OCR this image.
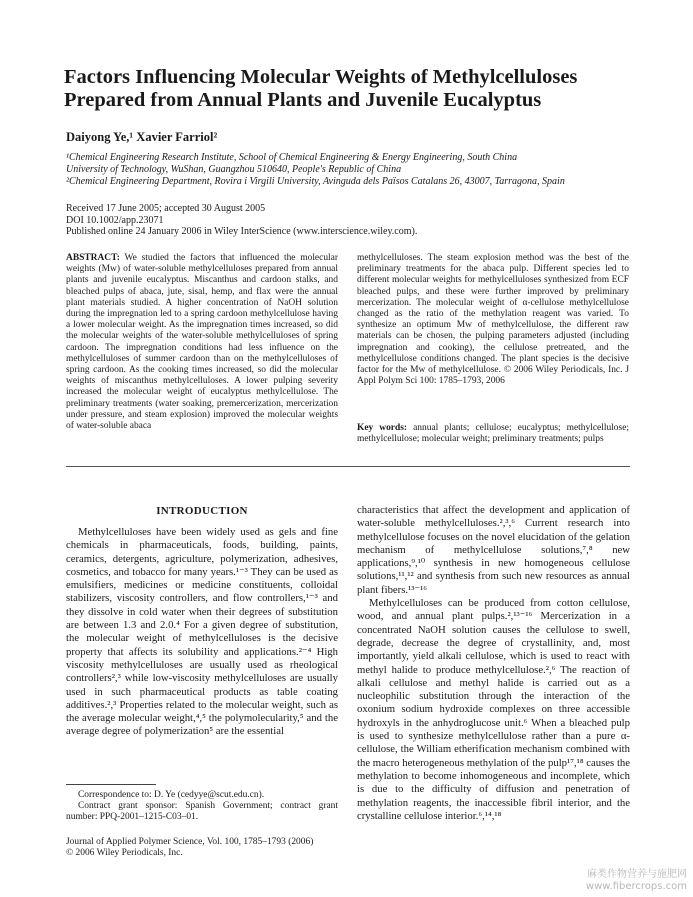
Factors Influencing Molecular Weights of Methylcelluloses Prepared from Annual Plants and Juvenile Eucalyptus
Daiyong Ye,¹ Xavier Farriol²
¹Chemical Engineering Research Institute, School of Chemical Engineering & Energy Engineering, South China
University of Technology, WuShan, Guangzhou 510640, People's Republic of China
²Chemical Engineering Department, Rovira i Virgili University, Avinguda dels Països Catalans 26, 43007, Tarragona, Spain
Received 17 June 2005; accepted 30 August 2005
DOI 10.1002/app.23071
Published online 24 January 2006 in Wiley InterScience (www.interscience.wiley.com).

ABSTRACT: We studied the factors that influenced the molecular weights (Mw) of water-soluble methylcelluloses prepared from annual plants and juvenile eucalyptus. Miscanthus and cardoon stalks, and bleached pulps of abaca, jute, sisal, hemp, and flax were the annual plant materials studied. A higher concentration of NaOH solution during the impregnation led to a spring cardoon methylcellulose having a lower molecular weight. As the impregnation times increased, so did the molecular weights of the water-soluble methylcelluloses of spring cardoon. The impregnation conditions had less influence on the methylcelluloses of summer cardoon than on the methylcelluloses of spring cardoon. As the cooking times increased, so did the molecular weights of miscanthus methylcelluloses. A lower pulping severity increased the molecular weight of eucalyptus methylcellulose. The preliminary treatments (water soaking, premercerization, mercerization under pressure, and steam explosion) improved the molecular weights of water-soluble abaca

methylcelluloses. The steam explosion method was the best of the preliminary treatments for the abaca pulp. Different species led to different molecular weights for methylcelluloses synthesized from ECF bleached pulps, and these were further improved by preliminary mercerization. The molecular weight of α-cellulose methylcellulose changed as the ratio of the methylation reagent was varied. To synthesize an optimum Mw of methylcellulose, the different raw materials can be chosen, the pulping parameters adjusted (including impregnation and cooking), the cellulose pretreated, and the methylcellulose conditions changed. The plant species is the decisive factor for the Mw of methylcellulose. © 2006 Wiley Periodicals, Inc. J Appl Polym Sci 100: 1785–1793, 2006

Key words: annual plants; cellulose; eucalyptus; methylcellulose; methylcellulose; molecular weight; preliminary treatments; pulps

INTRODUCTION

Methylcelluloses have been widely used as gels and fine chemicals in pharmaceuticals, foods, building, paints, ceramics, detergents, agriculture, polymerization, adhesives, cosmetics, and tobacco for many years.¹⁻³ They can be used as emulsifiers, medicines or medicine constituents, colloidal stabilizers, viscosity controllers, and flow controllers,¹⁻³ and they dissolve in cold water when their degrees of substitution are between 1.3 and 2.0.⁴ For a given degree of substitution, the molecular weight of methylcelluloses is the decisive property that affects its solubility and applications.²⁻⁴ High viscosity methylcelluloses are usually used as rheological controllers²,³ while low-viscosity methylcelluloses are usually used in such pharmaceutical products as table coating additives.²,³ Properties related to the molecular weight, such as the average molecular weight,⁴,⁵ the polymolecularity,⁵ and the average degree of polymerization⁵ are the essential

characteristics that affect the development and application of water-soluble methylcelluloses.²,³,⁶ Current research into methylcellulose focuses on the novel elucidation of the gelation mechanism of methylcellulose solutions,⁷,⁸ new applications,⁹,¹⁰ synthesis in new homogeneous cellulose solutions,¹¹,¹² and synthesis from such new resources as annual plant fibers.¹³⁻¹⁶

Methylcelluloses can be produced from cotton cellulose, wood, and annual plant pulps.²,¹³⁻¹⁶ Mercerization in a concentrated NaOH solution causes the cellulose to swell, degrade, decrease the degree of crystallinity, and, most importantly, yield alkali cellulose, which is used to react with methyl halide to produce methylcellulose.²,⁶ The reaction of alkali cellulose and methyl halide is carried out as a nucleophilic substitution through the interaction of the oxonium sodium hydroxide complexes on three accessible hydroxyls in the anhydroglucose unit.⁶ When a bleached pulp is used to synthesize methylcellulose rather than a pure α-cellulose, the William etherification mechanism combined with the macro heterogeneous methylation of the pulp¹⁷,¹⁸ causes the methylation to become inhomogeneous and incomplete, which is due to the difficulty of diffusion and penetration of methylation reagents, the inaccessible fibril interior, and the crystalline cellulose interior.⁶,¹⁴,¹⁸

Correspondence to: D. Ye (cedyye@scut.edu.cn).
Contract grant sponsor: Spanish Government; contract grant number: PPQ-2001–1215-C03–01.
Journal of Applied Polymer Science, Vol. 100, 1785–1793 (2006)
© 2006 Wiley Periodicals, Inc.
麻类作物营养与施肥网
www.fibercrops.com
